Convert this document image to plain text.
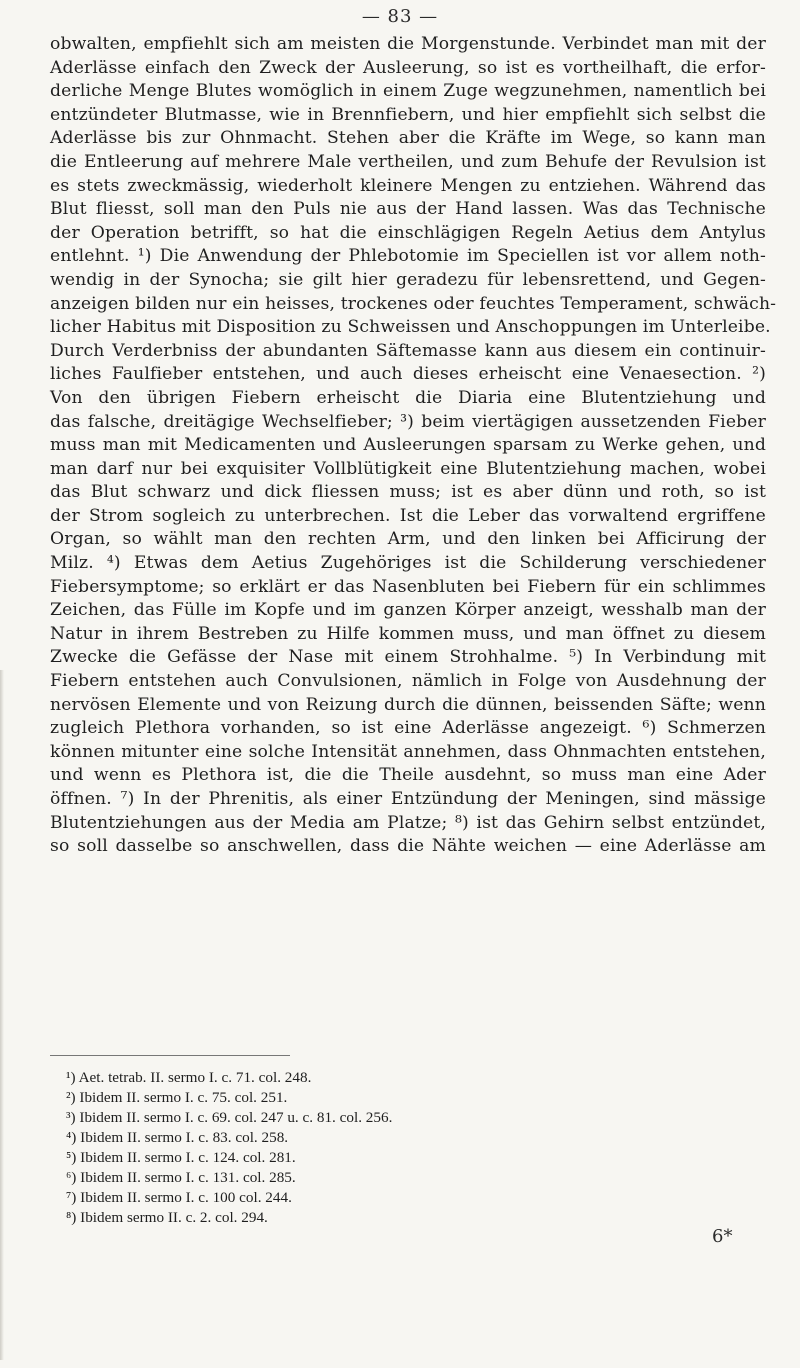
— 83 —
obwalten, empfiehlt sich am meisten die Morgenstunde. Verbindet man mit der
Aderlässe einfach den Zweck der Ausleerung, so ist es vortheilhaft, die erfor-
derliche Menge Blutes womöglich in einem Zuge wegzunehmen, namentlich bei
entzündeter Blutmasse, wie in Brennfiebern, und hier empfiehlt sich selbst die
Aderlässe bis zur Ohnmacht. Stehen aber die Kräfte im Wege, so kann man
die Entleerung auf mehrere Male vertheilen, und zum Behufe der Revulsion ist
es stets zweckmässig, wiederholt kleinere Mengen zu entziehen. Während das
Blut fliesst, soll man den Puls nie aus der Hand lassen. Was das Technische
der Operation betrifft, so hat die einschlägigen Regeln Aetius dem Antylus
entlehnt. ¹) Die Anwendung der Phlebotomie im Speciellen ist vor allem noth-
wendig in der Synocha; sie gilt hier geradezu für lebensrettend, und Gegen-
anzeigen bilden nur ein heisses, trockenes oder feuchtes Temperament, schwäch-
licher Habitus mit Disposition zu Schweissen und Anschoppungen im Unterleibe.
Durch Verderbniss der abundanten Säftemasse kann aus diesem ein continuir-
liches Faulfieber entstehen, und auch dieses erheischt eine Venaesection. ²)
Von den übrigen Fiebern erheischt die Diaria eine Blutentziehung und
das falsche, dreitägige Wechselfieber; ³) beim viertägigen aussetzenden Fieber
muss man mit Medicamenten und Ausleerungen sparsam zu Werke gehen, und
man darf nur bei exquisiter Vollblütigkeit eine Blutentziehung machen, wobei
das Blut schwarz und dick fliessen muss; ist es aber dünn und roth, so ist
der Strom sogleich zu unterbrechen. Ist die Leber das vorwaltend ergriffene
Organ, so wählt man den rechten Arm, und den linken bei Afficirung der
Milz. ⁴) Etwas dem Aetius Zugehöriges ist die Schilderung verschiedener
Fiebersymptome; so erklärt er das Nasenbluten bei Fiebern für ein schlimmes
Zeichen, das Fülle im Kopfe und im ganzen Körper anzeigt, wesshalb man der
Natur in ihrem Bestreben zu Hilfe kommen muss, und man öffnet zu diesem
Zwecke die Gefässe der Nase mit einem Strohhalme. ⁵) In Verbindung mit
Fiebern entstehen auch Convulsionen, nämlich in Folge von Ausdehnung der
nervösen Elemente und von Reizung durch die dünnen, beissenden Säfte; wenn
zugleich Plethora vorhanden, so ist eine Aderlässe angezeigt. ⁶) Schmerzen
können mitunter eine solche Intensität annehmen, dass Ohnmachten entstehen,
und wenn es Plethora ist, die die Theile ausdehnt, so muss man eine Ader
öffnen. ⁷) In der Phrenitis, als einer Entzündung der Meningen, sind mässige
Blutentziehungen aus der Media am Platze; ⁸) ist das Gehirn selbst entzündet,
so soll dasselbe so anschwellen, dass die Nähte weichen — eine Aderlässe am
¹) Aet. tetrab. II. sermo I. c. 71. col. 248.
²) Ibidem II. sermo I. c. 75. col. 251.
³) Ibidem II. sermo I. c. 69. col. 247 u. c. 81. col. 256.
⁴) Ibidem II. sermo I. c. 83. col. 258.
⁵) Ibidem II. sermo I. c. 124. col. 281.
⁶) Ibidem II. sermo I. c. 131. col. 285.
⁷) Ibidem II. sermo I. c. 100 col. 244.
⁸) Ibidem sermo II. c. 2. col. 294.
6*
